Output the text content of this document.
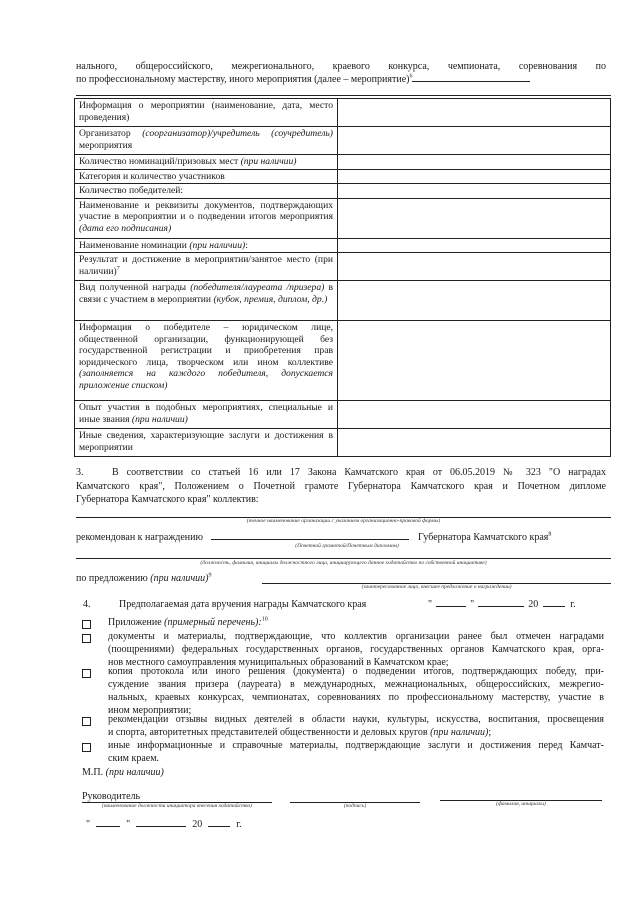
нального, общероссийского, межрегионального, краевого конкурса, чемпионата, соревнования по
по профессиональному мастерству, иного мероприятия (далее – мероприятие)$^6$
Информация о мероприятии (наименование, дата, место проведения)	
Организатор (соорганизатор)/учредитель (соучредитель) мероприятия	
Количество номинаций/призовых мест (при наличии)	
Категория и количество участников	
Количество победителей:	
Наименование и реквизиты документов, подтверждающих участие в мероприятии и о подведении итогов мероприятия (дата его подписания)	
Наименование номинации (при наличии):	
Результат и достижение в мероприятии/занятое место (при наличии)$^7$	
Вид полученной награды (победителя/лауреата /призера) в связи с участием в мероприятии (кубок, премия, диплом, др.)	
Информация о победителе – юридическом лице, общественной организации, функционирующей без государственной регистрации и приобретения прав юридического лица, творческом или ином коллективе (заполняется на каждого победителя, допускается приложение списком)	
Опыт участия в подобных мероприятиях, специальные и иные звания (при наличии)	
Иные сведения, характеризующие заслуги и достижения в мероприятии	
3.	В соответствии со статьей 16 или 17 Закона Камчатского края от 06.05.2019 № 323 "О наградах
Камчатского края", Положением о Почетной грамоте Губернатора Камчатского края и Почетном дипломе
Губернатора Камчатского края" коллектив:
(точное наименование организации с указанием организационно-правовой формы)
рекомендован к награждению	Губернатора Камчатского края$^8$
(Почетной грамотой/Почетным дипломом)
(должность, фамилия, инициалы должностного лица, инициирующего данное ходатайство по собственной инициативе)
по предложению (при наличии)$^9$
(заинтересованное лицо, внесшее предложение о награждении)
4.	Предполагаемая дата вручения награды Камчатского края	"	"	20	г.
Приложение (примерный перечень):$^{10}$
документы и материалы, подтверждающие, что коллектив организации ранее был отмечен наградами
(поощрениями) федеральных государственных органов, государственных органов Камчатского края, орга-
нов местного самоуправления муниципальных образований в Камчатском крае;
копия протокола или иного решения (документа) о подведении итогов, подтверждающих победу, при-
суждение звания призера (лауреата) в международных, межнациональных, общероссийских, межрегио-
нальных, краевых конкурсах, чемпионатах, соревнованиях по профессиональному мастерству, участие в
ином мероприятии;
рекомендации отзывы видных деятелей в области науки, культуры, искусства, воспитания, просвещения
и спорта, авторитетных представителей общественности и деловых кругов (при наличии);
иные информационные и справочные материалы, подтверждающие заслуги и достижения перед Камчат-
ским краем.
М.П. (при наличии)
Руководитель
(наименование должности инициатора внесения ходатайства)	(подпись)	(фамилия, инициалы)
"	"	20	г.
